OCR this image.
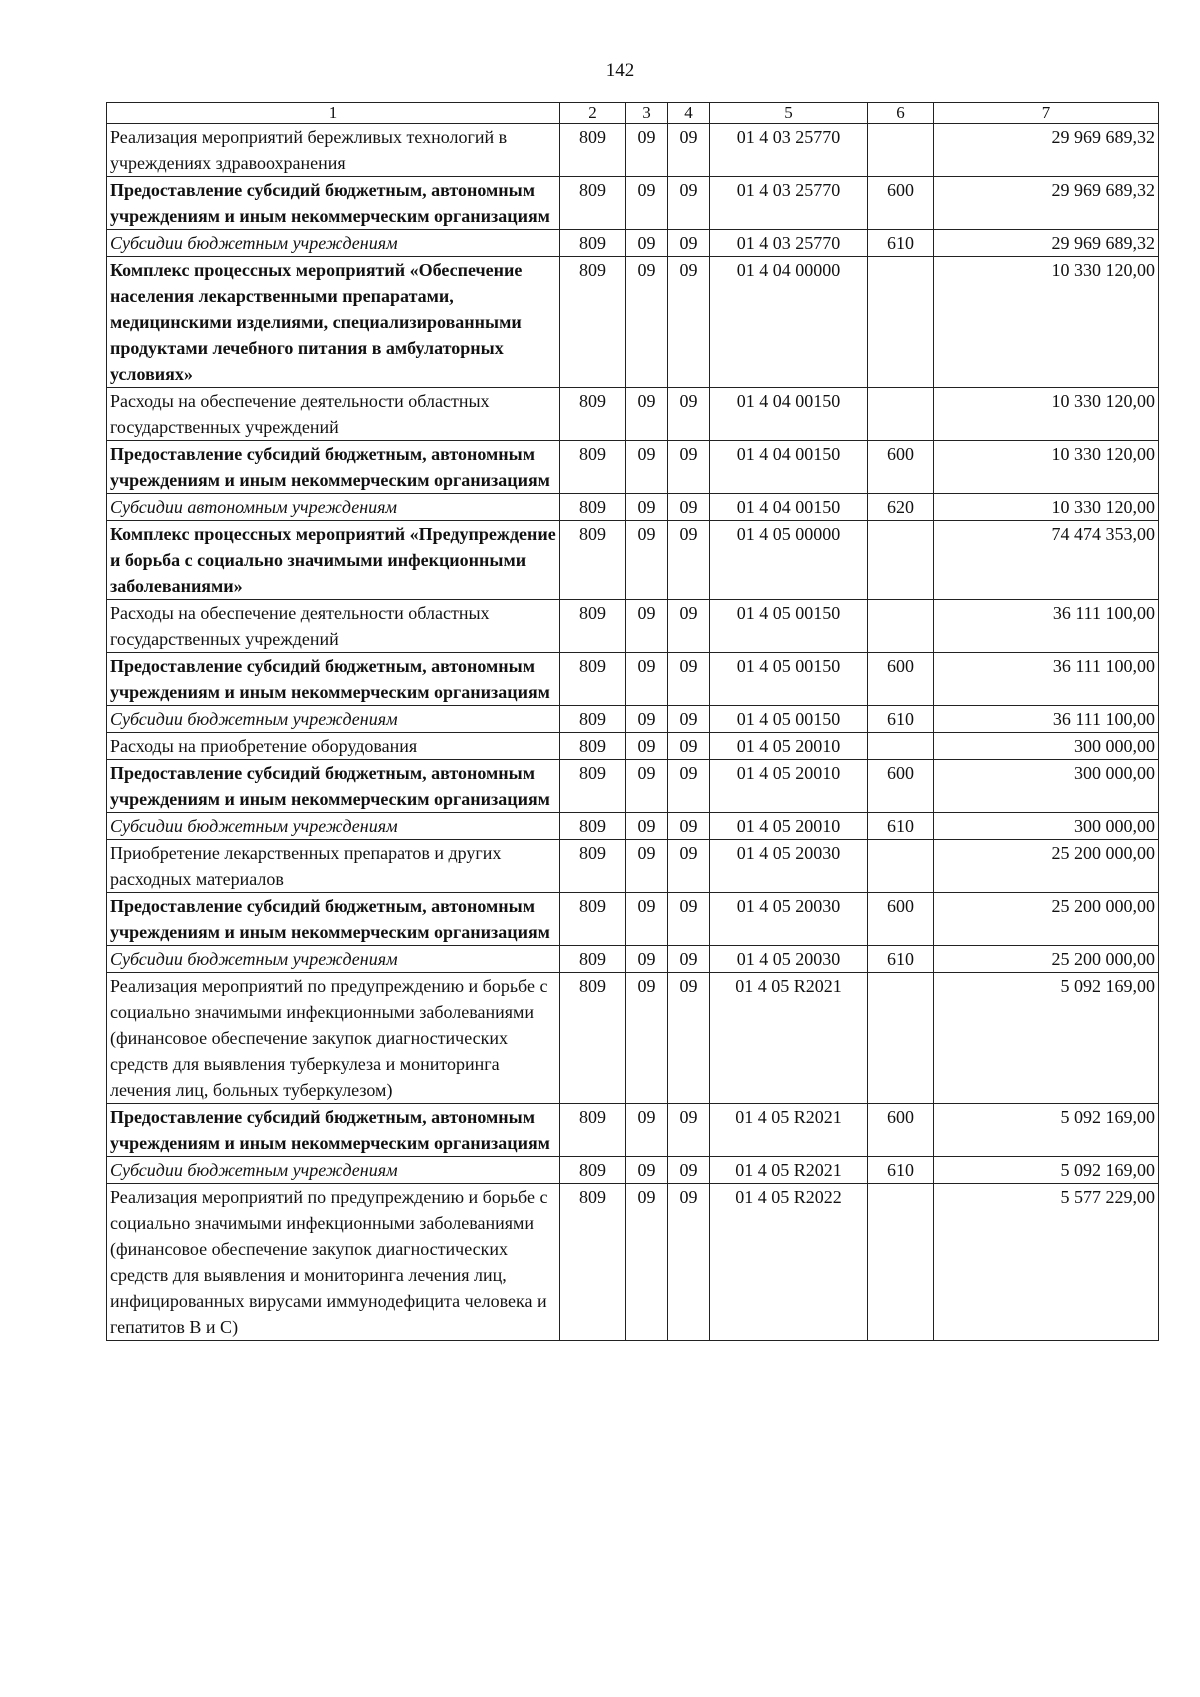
142
1	2	3	4	5	6	7
Реализация мероприятий бережливых технологий в учреждениях здравоохранения	809	09	09	01 4 03 25770		29 969 689,32
Предоставление субсидий бюджетным, автономным учреждениям и иным некоммерческим организациям	809	09	09	01 4 03 25770	600	29 969 689,32
Субсидии бюджетным учреждениям	809	09	09	01 4 03 25770	610	29 969 689,32
Комплекс процессных мероприятий «Обеспечение населения лекарственными препаратами, медицинскими изделиями, специализированными продуктами лечебного питания в амбулаторных условиях»	809	09	09	01 4 04 00000		10 330 120,00
Расходы на обеспечение деятельности областных государственных учреждений	809	09	09	01 4 04 00150		10 330 120,00
Предоставление субсидий бюджетным, автономным учреждениям и иным некоммерческим организациям	809	09	09	01 4 04 00150	600	10 330 120,00
Субсидии автономным учреждениям	809	09	09	01 4 04 00150	620	10 330 120,00
Комплекс процессных мероприятий «Предупреждение и борьба с социально значимыми инфекционными заболеваниями»	809	09	09	01 4 05 00000		74 474 353,00
Расходы на обеспечение деятельности областных государственных учреждений	809	09	09	01 4 05 00150		36 111 100,00
Предоставление субсидий бюджетным, автономным учреждениям и иным некоммерческим организациям	809	09	09	01 4 05 00150	600	36 111 100,00
Субсидии бюджетным учреждениям	809	09	09	01 4 05 00150	610	36 111 100,00
Расходы на приобретение оборудования	809	09	09	01 4 05 20010		300 000,00
Предоставление субсидий бюджетным, автономным учреждениям и иным некоммерческим организациям	809	09	09	01 4 05 20010	600	300 000,00
Субсидии бюджетным учреждениям	809	09	09	01 4 05 20010	610	300 000,00
Приобретение лекарственных препаратов и других расходных материалов	809	09	09	01 4 05 20030		25 200 000,00
Предоставление субсидий бюджетным, автономным учреждениям и иным некоммерческим организациям	809	09	09	01 4 05 20030	600	25 200 000,00
Субсидии бюджетным учреждениям	809	09	09	01 4 05 20030	610	25 200 000,00
Реализация мероприятий по предупреждению и борьбе с социально значимыми инфекционными заболеваниями (финансовое обеспечение закупок диагностических средств для выявления туберкулеза и мониторинга лечения лиц, больных туберкулезом)	809	09	09	01 4 05 R2021		5 092 169,00
Предоставление субсидий бюджетным, автономным учреждениям и иным некоммерческим организациям	809	09	09	01 4 05 R2021	600	5 092 169,00
Субсидии бюджетным учреждениям	809	09	09	01 4 05 R2021	610	5 092 169,00
Реализация мероприятий по предупреждению и борьбе с социально значимыми инфекционными заболеваниями (финансовое обеспечение закупок диагностических средств для выявления и мониторинга лечения лиц, инфицированных вирусами иммунодефицита человека и гепатитов B и C)	809	09	09	01 4 05 R2022		5 577 229,00
